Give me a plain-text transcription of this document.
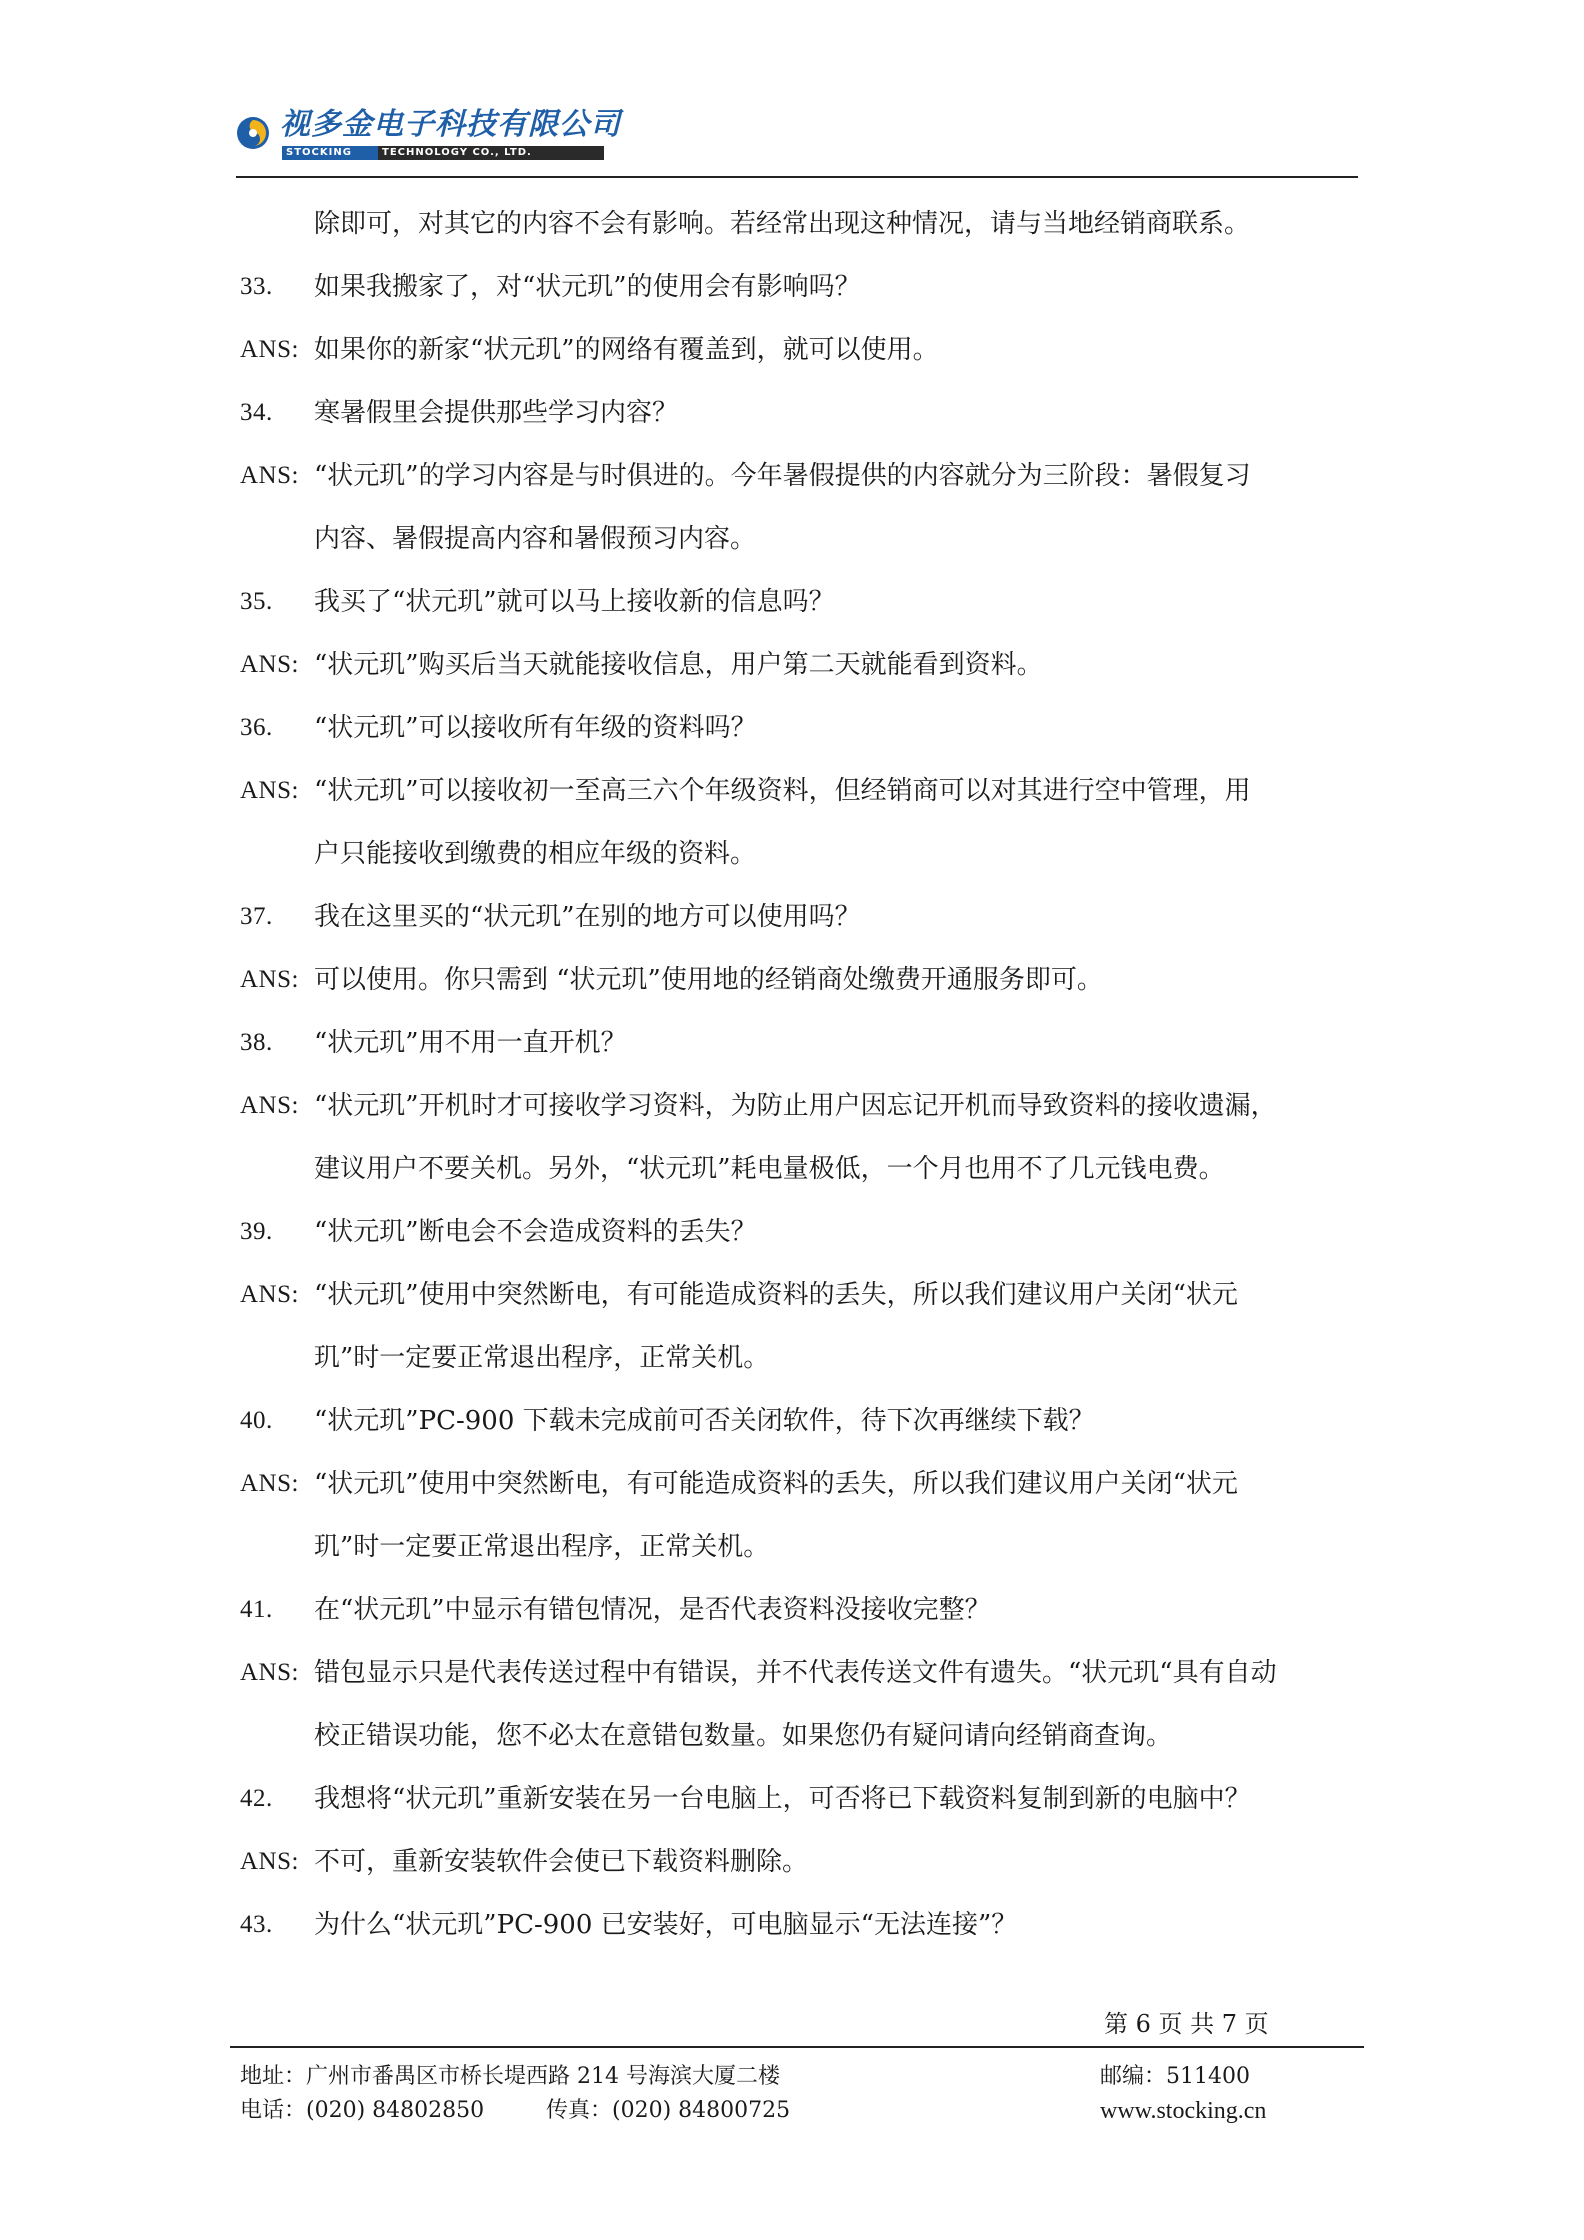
视多金电子科技有限公司
STOCKING	TECHNOLOGY CO., LTD.
除即可，对其它的内容不会有影响。若经常出现这种情况，请与当地经销商联系。
33. 如果我搬家了，对“状元玑”的使用会有影响吗？
ANS: 如果你的新家“状元玑”的网络有覆盖到，就可以使用。
34. 寒暑假里会提供那些学习内容？
ANS: “状元玑”的学习内容是与时俱进的。今年暑假提供的内容就分为三阶段：暑假复习
内容、暑假提高内容和暑假预习内容。
35. 我买了“状元玑”就可以马上接收新的信息吗？
ANS: “状元玑”购买后当天就能接收信息，用户第二天就能看到资料。
36. “状元玑”可以接收所有年级的资料吗？
ANS: “状元玑”可以接收初一至高三六个年级资料，但经销商可以对其进行空中管理，用
户只能接收到缴费的相应年级的资料。
37. 我在这里买的“状元玑”在别的地方可以使用吗？
ANS: 可以使用。你只需到 “状元玑”使用地的经销商处缴费开通服务即可。
38. “状元玑”用不用一直开机？
ANS: “状元玑”开机时才可接收学习资料，为防止用户因忘记开机而导致资料的接收遗漏，
建议用户不要关机。另外，“状元玑”耗电量极低，一个月也用不了几元钱电费。
39. “状元玑”断电会不会造成资料的丢失？
ANS: “状元玑”使用中突然断电，有可能造成资料的丢失，所以我们建议用户关闭“状元
玑”时一定要正常退出程序，正常关机。
40. “状元玑”PC-900 下载未完成前可否关闭软件，待下次再继续下载？
ANS: “状元玑”使用中突然断电，有可能造成资料的丢失，所以我们建议用户关闭“状元
玑”时一定要正常退出程序，正常关机。
41. 在“状元玑”中显示有错包情况，是否代表资料没接收完整？
ANS: 错包显示只是代表传送过程中有错误，并不代表传送文件有遗失。“状元玑“具有自动
校正错误功能，您不必太在意错包数量。如果您仍有疑问请向经销商查询。
42. 我想将“状元玑”重新安装在另一台电脑上，可否将已下载资料复制到新的电脑中？
ANS: 不可，重新安装软件会使已下载资料删除。
43. 为什么“状元玑”PC-900 已安装好，可电脑显示“无法连接”？
第 6 页 共 7 页
地址：广州市番禺区市桥长堤西路 214 号海滨大厦二楼	邮编：511400
电话：(020) 84802850	传真：(020) 84800725	www.stocking.cn
